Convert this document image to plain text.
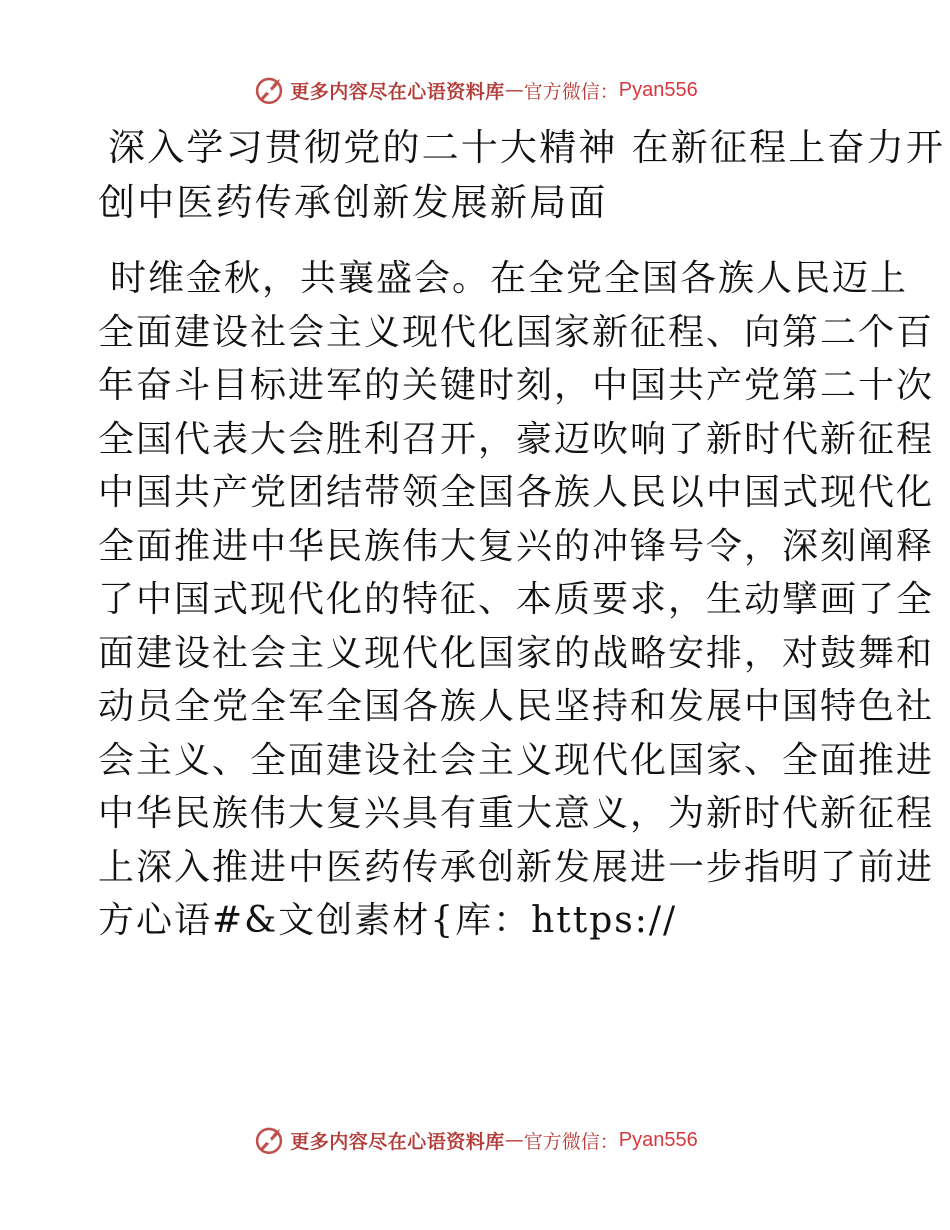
更多内容尽在心语资料库 — 官方微信： Pyan556
深入学习贯彻党的二十大精神 在新征程上奋力开
创中医药传承创新发展新局面
时维金秋，共襄盛会。在全党全国各族人民迈上
全面建设社会主义现代化国家新征程、向第二个百
年奋斗目标进军的关键时刻，中国共产党第二十次
全国代表大会胜利召开，豪迈吹响了新时代新征程
中国共产党团结带领全国各族人民以中国式现代化
全面推进中华民族伟大复兴的冲锋号令，深刻阐释
了中国式现代化的特征、本质要求，生动擘画了全
面建设社会主义现代化国家的战略安排，对鼓舞和
动员全党全军全国各族人民坚持和发展中国特色社
会主义、全面建设社会主义现代化国家、全面推进
中华民族伟大复兴具有重大意义，为新时代新征程
上深入推进中医药传承创新发展进一步指明了前进
方心语#&文创素材{库：https://
更多内容尽在心语资料库 — 官方微信： Pyan556
